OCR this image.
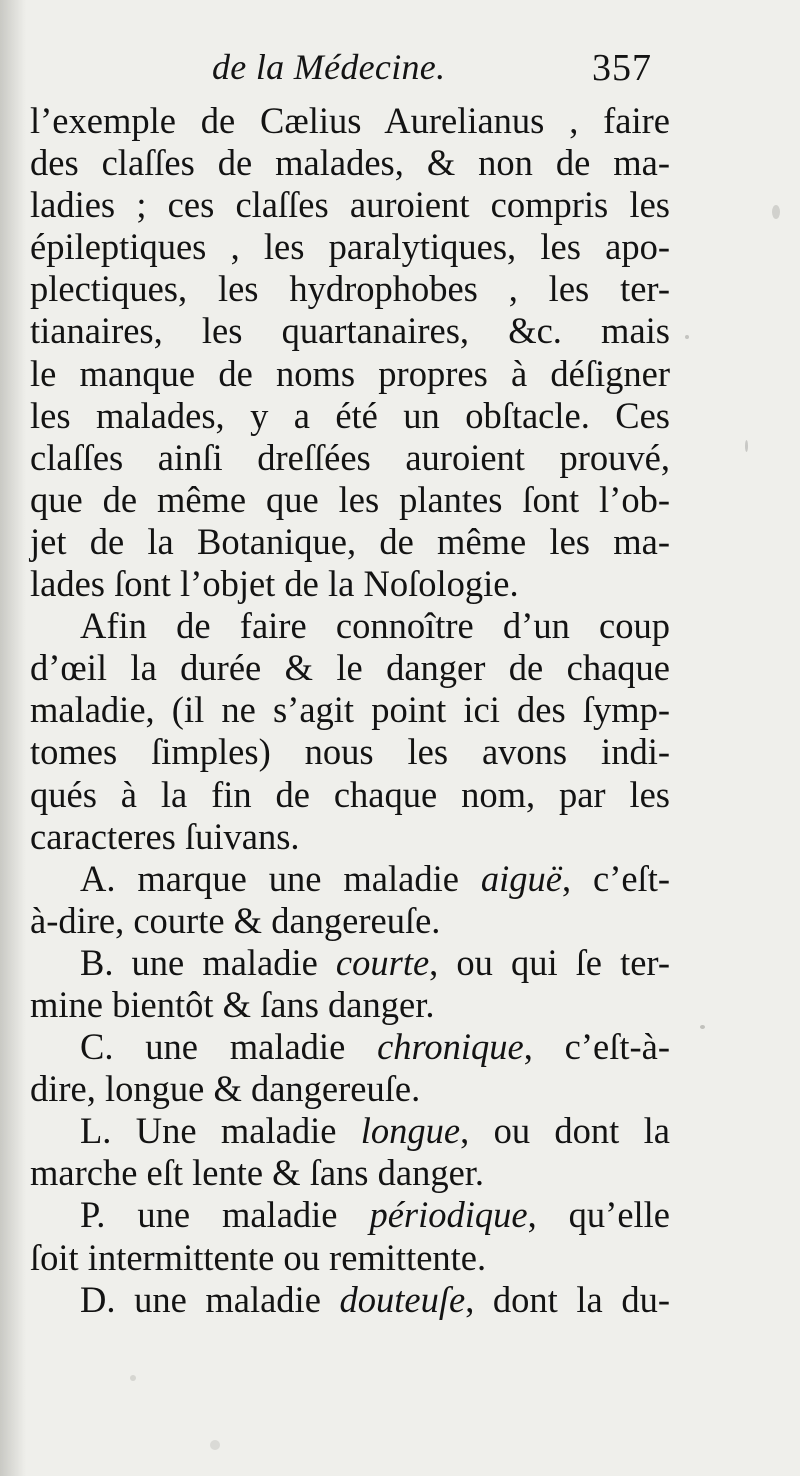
de la Médecine.	357
l’exemple de Cælius Aurelianus , faire
des claſſes de malades, & non de ma-
ladies ; ces claſſes auroient compris les
épileptiques , les paralytiques, les apo-
plectiques, les hydrophobes , les ter-
tianaires, les quartanaires, &c. mais
le manque de noms propres à déſigner
les malades, y a été un obſtacle. Ces
claſſes ainſi dreſſées auroient prouvé,
que de même que les plantes ſont l’ob-
jet de la Botanique, de même les ma-
lades ſont l’objet de la Noſologie.
Afin de faire connoître d’un coup
d’œil la durée & le danger de chaque
maladie, (il ne s’agit point ici des ſymp-
tomes ſimples) nous les avons indi-
qués à la fin de chaque nom, par les
caracteres ſuivans.
A. marque une maladie aiguë, c’eſt-
à-dire, courte & dangereuſe.
B. une maladie courte, ou qui ſe ter-
mine bientôt & ſans danger.
C. une maladie chronique, c’eſt-à-
dire, longue & dangereuſe.
L. Une maladie longue, ou dont la
marche eſt lente & ſans danger.
P. une maladie périodique, qu’elle
ſoit intermittente ou remittente.
D. une maladie douteuſe, dont la du-
